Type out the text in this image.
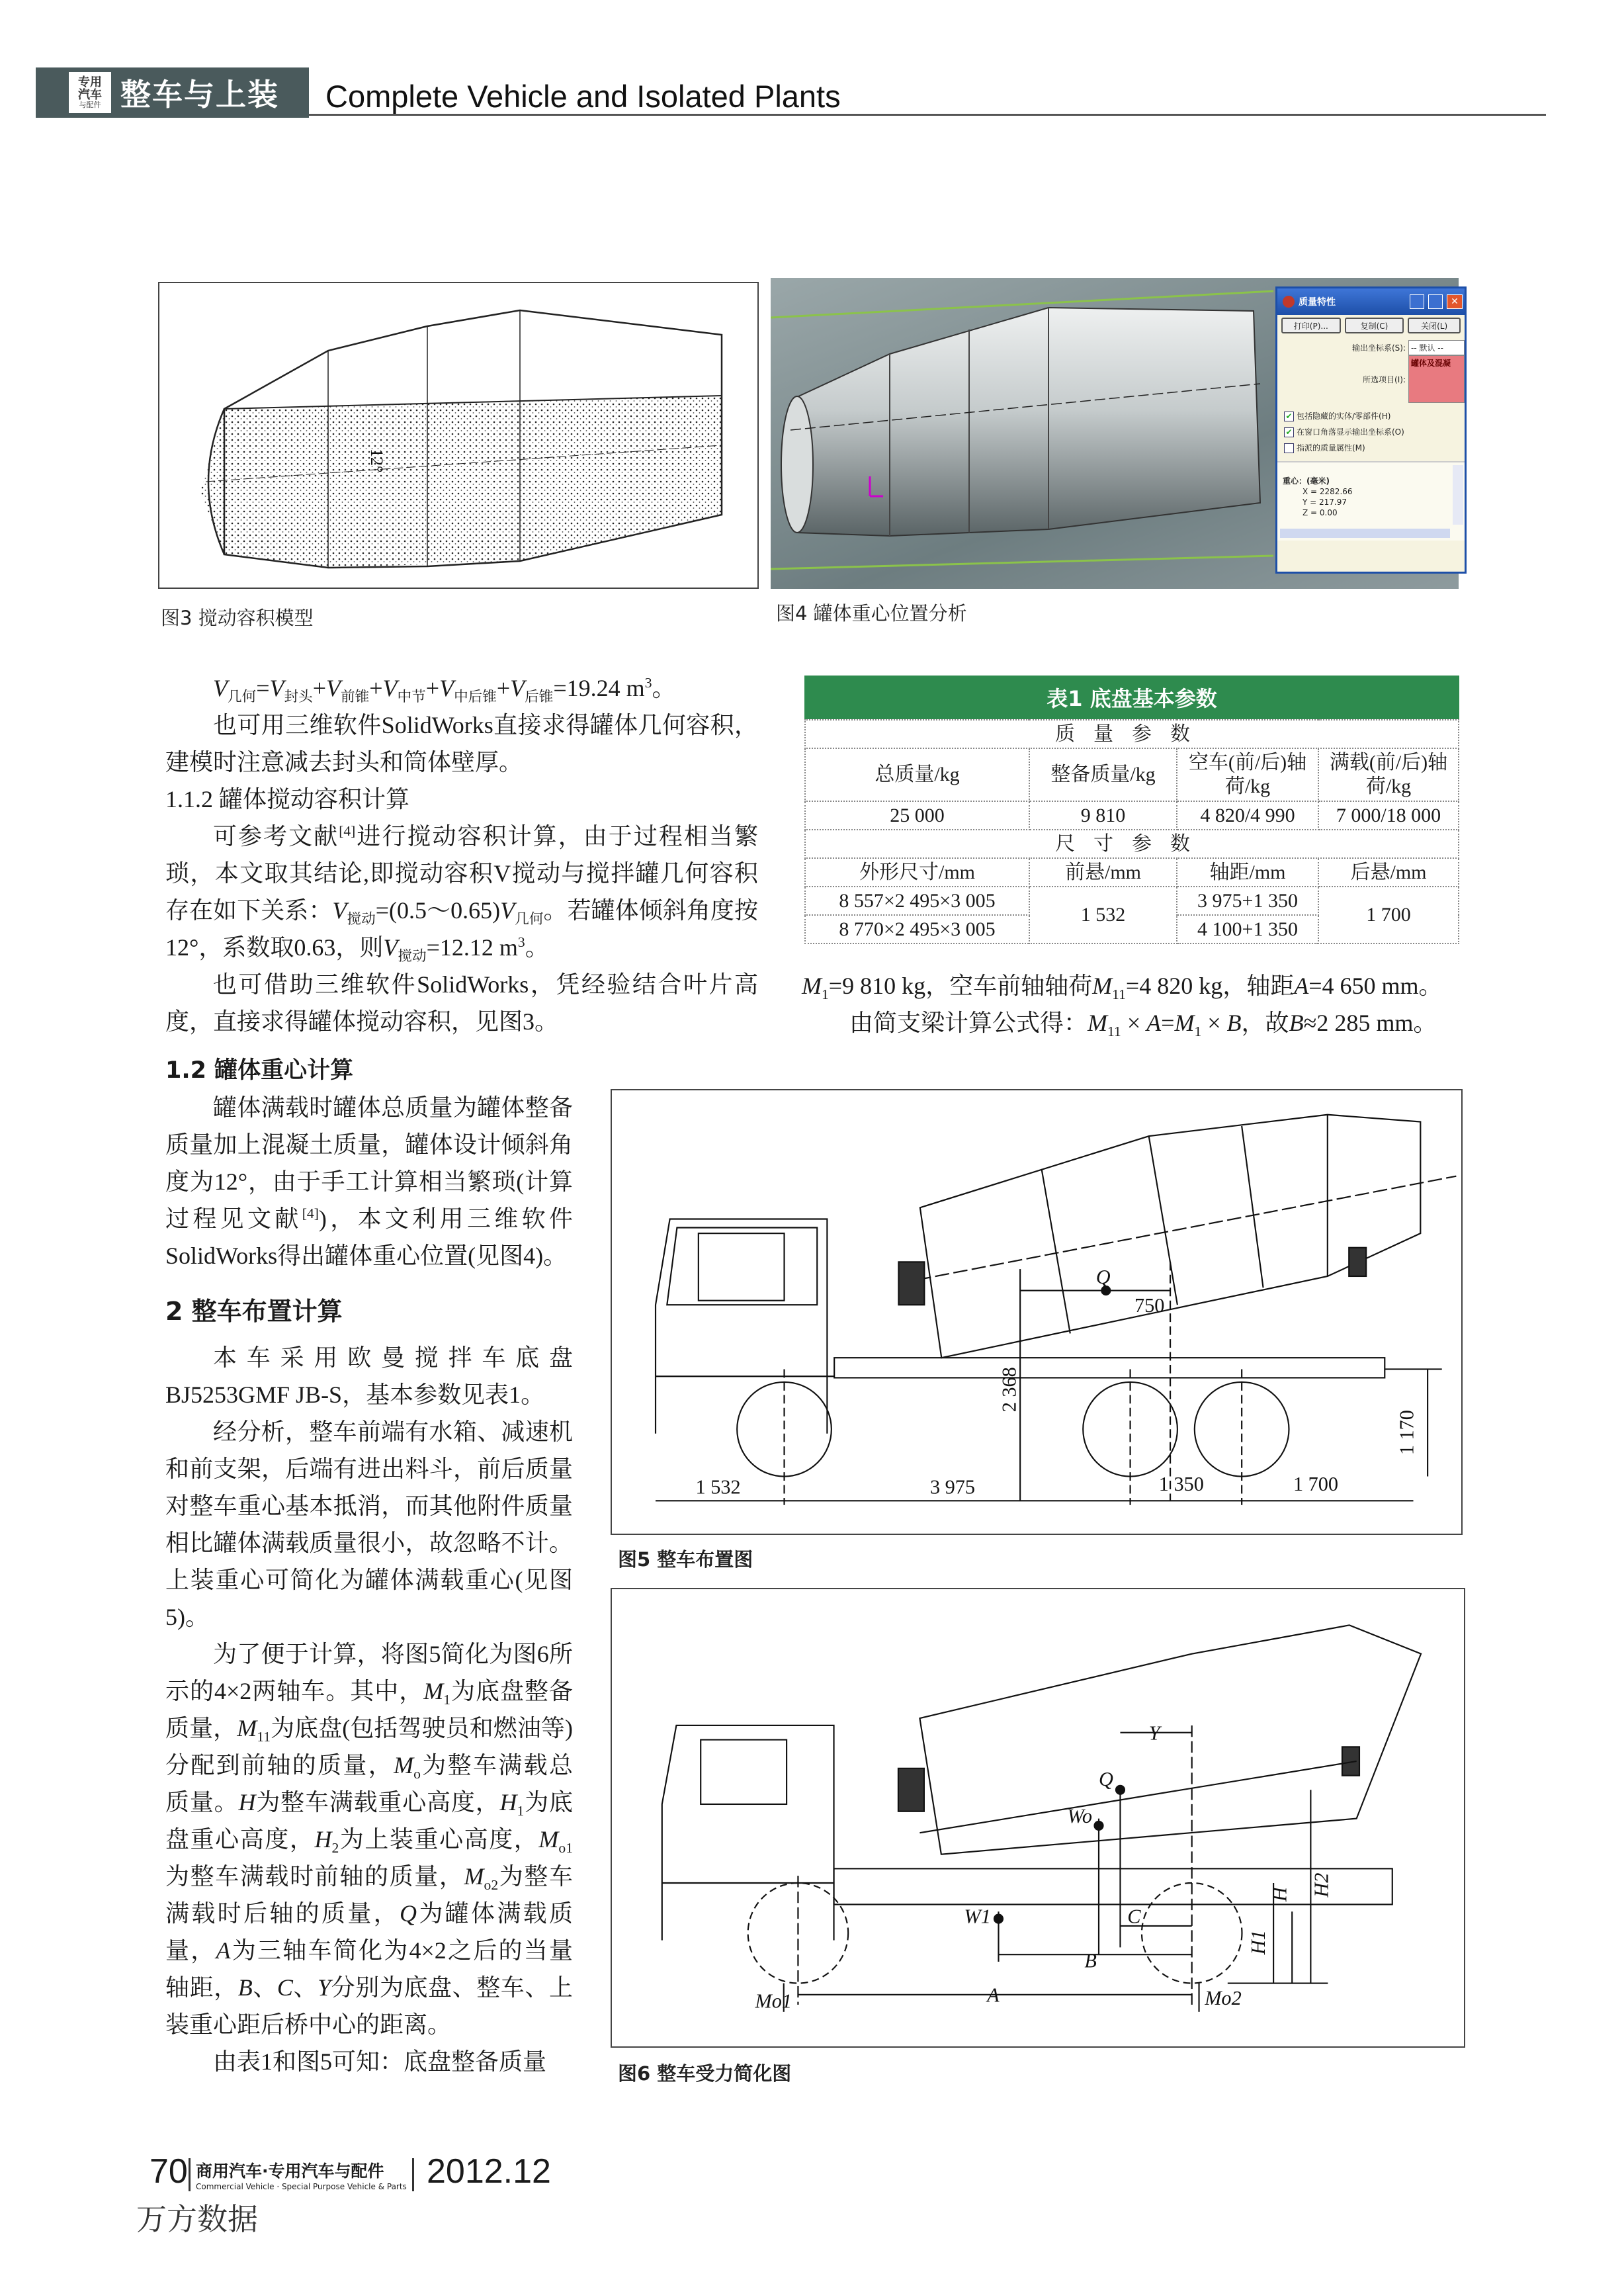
专用
汽车
与配件 整车与上装 Complete Vehicle and Isolated Plants
12°
图3 搅动容积模型
质量特性	✕
打印(P)...	复制(C)	关闭(L)
输出坐标系(S): -- 默认 --
所选项目(I):
罐体及混凝
✔ 包括隐藏的实体/零部件(H)
✔ 在窗口角落显示输出坐标系(O)
指派的质量属性(M)
重心：(毫米)
X = 2282.66
Y = 217.97
Z = 0.00
图4 罐体重心位置分析

$V_{几何}=V_{封头}+V_{前锥}+V_{中节}+V_{中后锥}+V_{后锥}=19.24$ $m^3$。

也可用三维软件SolidWorks直接求得罐体几何容积，建模时注意减去封头和筒体壁厚。

1.1.2 罐体搅动容积计算

可参考文献[4]进行搅动容积计算，由于过程相当繁琐，本文取其结论,即搅动容积V搅动与搅拌罐几何容积存在如下关系：$V_{搅动}=(0.5\sim 0.65)V_{几何}$。若罐体倾斜角度按12°，系数取0.63，则$V_{搅动}=12.12$ $m^3$。

也可借助三维软件SolidWorks，凭经验结合叶片高度，直接求得罐体搅动容积，见图3。

1.2 罐体重心计算

罐体满载时罐体总质量为罐体整备质量加上混凝土质量，罐体设计倾斜角度为12°，由于手工计算相当繁琐(计算过程见文献[4])，本文利用三维软件SolidWorks得出罐体重心位置(见图4)。

2 整车布置计算

本车采用欧曼搅拌车底盘BJ5253GMF JB-S，基本参数见表1。

经分析，整车前端有水箱、减速机和前支架，后端有进出料斗，前后质量对整车重心基本抵消，而其他附件质量相比罐体满载质量很小，故忽略不计。上装重心可简化为罐体满载重心(见图5)。

为了便于计算，将图5简化为图6所示的4×2两轴车。其中，$M_1$为底盘整备质量，$M_{11}$为底盘(包括驾驶员和燃油等)分配到前轴的质量，$M_o$为整车满载总质量。H为整车满载重心高度，$H_1$为底盘重心高度，$H_2$为上装重心高度，$M_{o1}$为整车满载时前轴的质量，$M_{o2}$为整车满载时后轴的质量，Q为罐体满载质量，A为三轴车简化为4×2之后的当量轴距，B、C、Y分别为底盘、整车、上装重心距后桥中心的距离。

由表1和图5可知：底盘整备质量

表1 底盘基本参数
质量参数			
总质量/kg	整备质量/kg	空车(前/后)轴荷/kg	满载(前/后)轴荷/kg
25 000	9 810	4 820/4 990	7 000/18 000
尺寸参数			
外形尺寸/mm	前悬/mm	轴距/mm	后悬/mm
8 557×2 495×3 005	1 532	3 975+1 350	1 700
8 770×2 495×3 005		4 100+1 350	

$M_1=9$ 810 kg，空车前轴轴荷$M_{11}=4$ 820 kg，轴距A=4 650 mm。

由简支梁计算公式得：$M_{11} \times A=M_1 \times B$，故B≈2 285 mm。

Q
750
2 368
1 170
1 532	3 975	1 350	1 700
图5 整车布置图
Y
Q
Wo
W1	C
B
A
H
H1
H2
Mo1	Mo2
图6 整车受力简化图
70 商用汽车·专用汽车与配件
Commercial Vehicle · Special Purpose Vehicle & Parts 2012.12
万方数据
